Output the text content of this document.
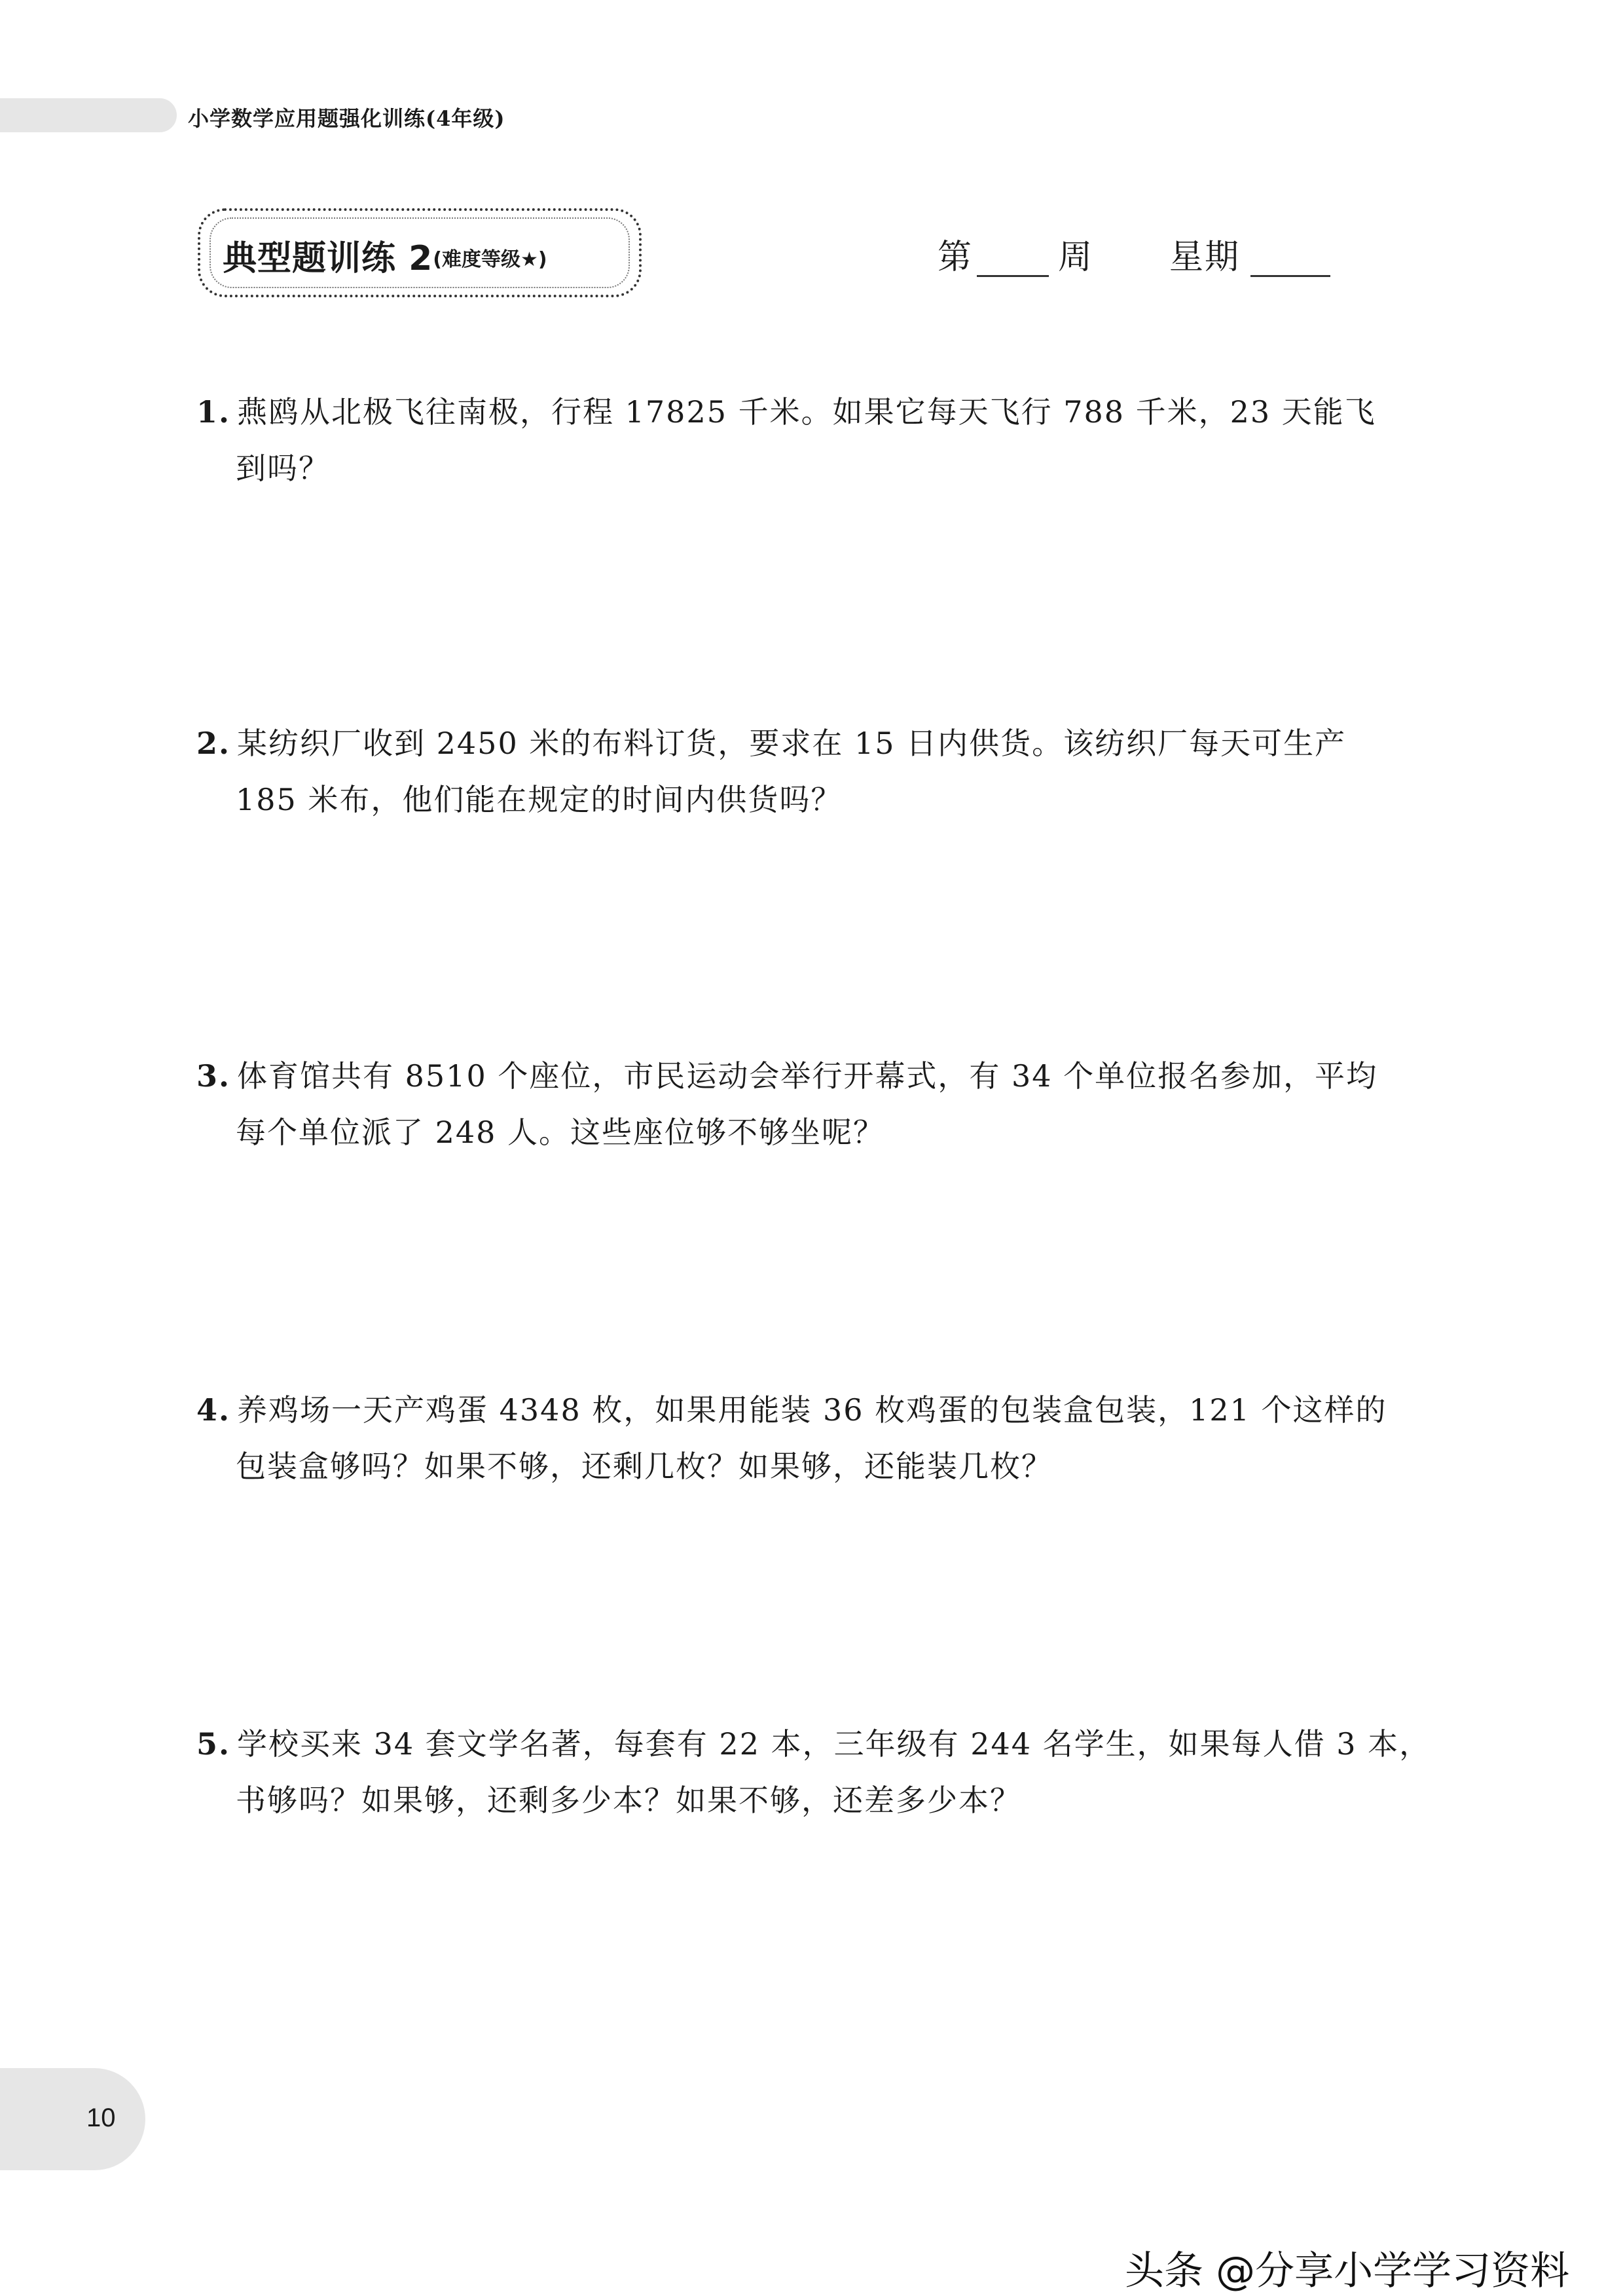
小学数学应用题强化训练(4年级)
典型题训练 2(难度等级★)	第 周 星期
1. 燕鸥从北极飞往南极，行程 17825 千米。如果它每天飞行 788 千米，23 天能飞
到吗？
2. 某纺织厂收到 2450 米的布料订货，要求在 15 日内供货。该纺织厂每天可生产
185 米布，他们能在规定的时间内供货吗？
3. 体育馆共有 8510 个座位，市民运动会举行开幕式，有 34 个单位报名参加，平均
每个单位派了 248 人。这些座位够不够坐呢？
4. 养鸡场一天产鸡蛋 4348 枚，如果用能装 36 枚鸡蛋的包装盒包装，121 个这样的
包装盒够吗？如果不够，还剩几枚？如果够，还能装几枚？
5. 学校买来 34 套文学名著，每套有 22 本，三年级有 244 名学生，如果每人借 3 本，
书够吗？如果够，还剩多少本？如果不够，还差多少本？
10
头条 @分享小学学习资料
